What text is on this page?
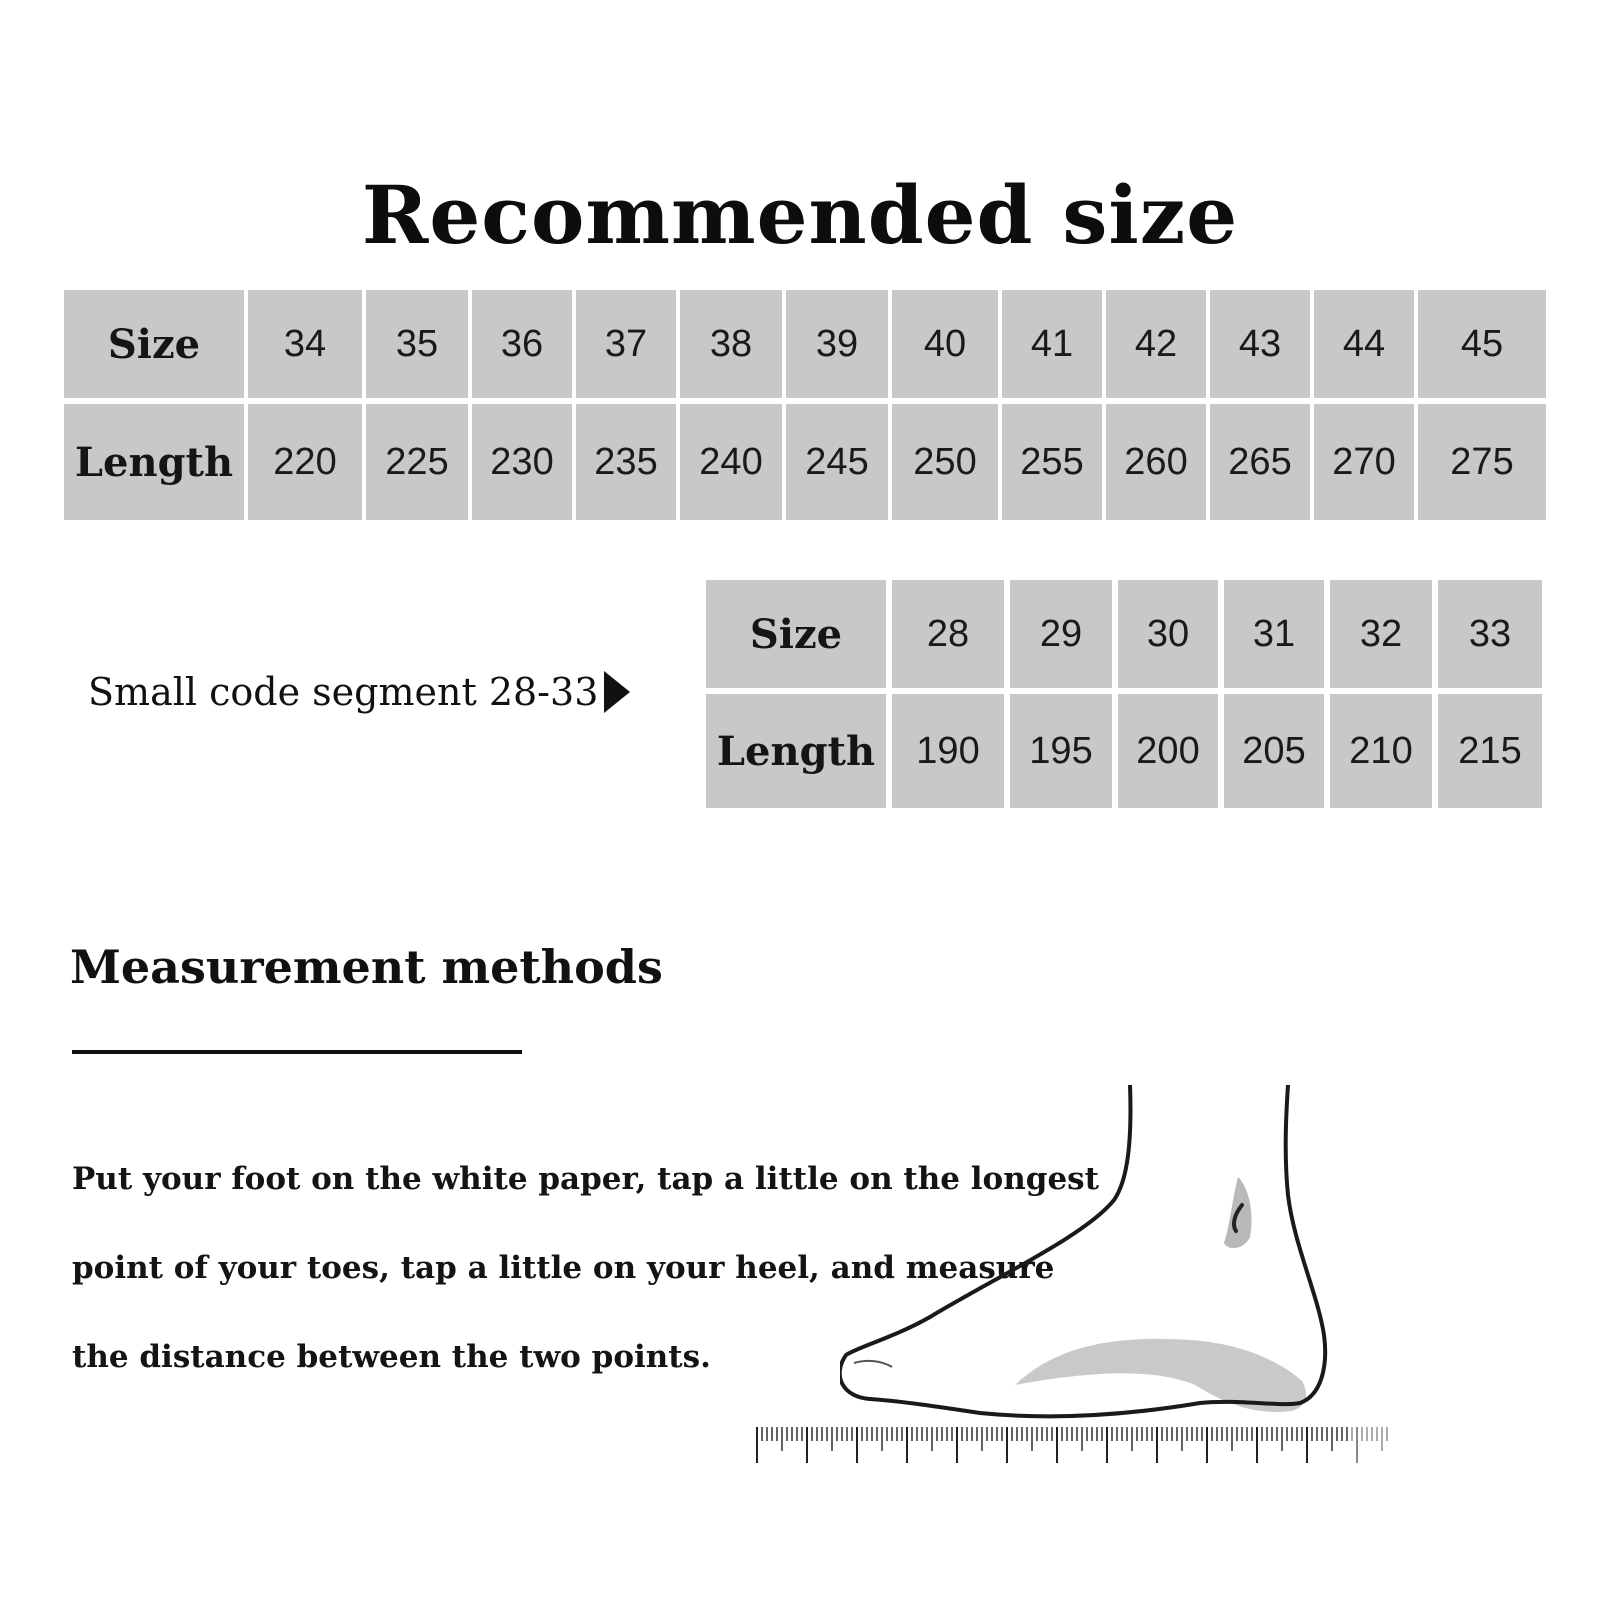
Recommended size
Size	34	35	36	37	38	39	40	41	42	43	44	45
Length	220	225	230	235	240	245	250	255	260	265	270	275
Small code segment 28-33
Size	28	29	30	31	32	33
Length	190	195	200	205	210	215
Measurement methods
Put your foot on the white paper, tap a little on the longest
point of your toes, tap a little on your heel, and measure
the distance between the two points.
